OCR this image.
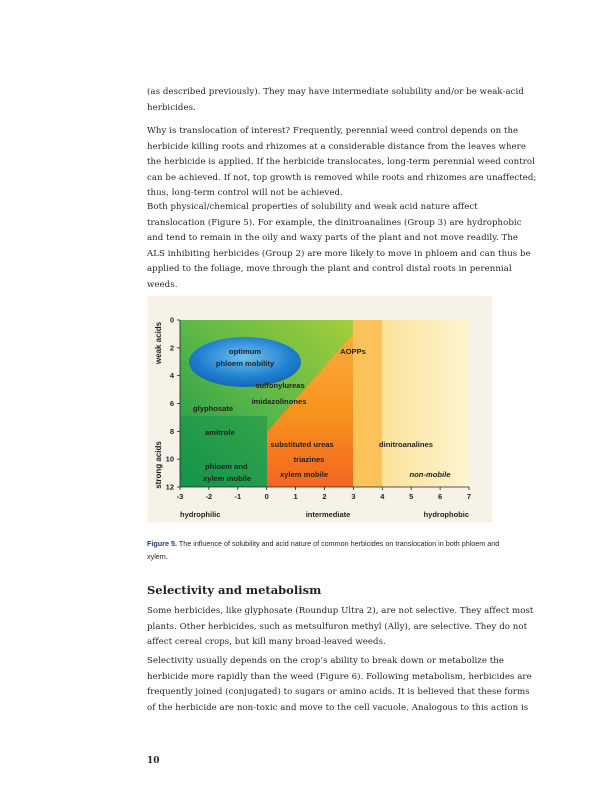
(as described previously). They may have intermediate solubility and/or be weak-acid herbicides.

Why is translocation of interest? Frequently, perennial weed control depends on the herbicide killing roots and rhizomes at a considerable distance from the leaves where the herbicide is applied. If the herbicide translocates, long-term perennial weed control can be achieved. If not, top growth is removed while roots and rhizomes are unaffected; thus, long-term control will not be achieved.

Both physical/chemical properties of solubility and weak acid nature affect translocation (Figure 5). For example, the dinitroanalines (Group 3) are hydrophobic and tend to remain in the oily and waxy parts of the plant and not move readily. The ALS inhibiting herbicides (Group 2) are more likely to move in phloem and can thus be applied to the foliage, move through the plant and control distal roots in perennial weeds.

0
2
4
6
8
10
12
-3	-2	-1	0	1	2	3	4	5	6	7
weak acids
strong acids
hydrophilic	intermediate	hydrophobic
optimum
phloem mobility
AOPPs
sulfonylureas
imidazolinones
glyphosate
amitrole
substituted ureas	dinitroanalines
triazines
phloem and
xylem mobile	xylem mobile	non-mobile

Figure 5. The influence of solubility and acid nature of common herbicides on translocation in both phloem and xylem.

Selectivity and metabolism

Some herbicides, like glyphosate (Roundup Ultra 2), are not selective. They affect most plants. Other herbicides, such as metsulfuron methyl (Ally), are selective. They do not affect cereal crops, but kill many broad-leaved weeds.

Selectivity usually depends on the crop’s ability to break down or metabolize the herbicide more rapidly than the weed (Figure 6). Following metabolism, herbicides are frequently joined (conjugated) to sugars or amino acids. It is believed that these forms of the herbicide are non-toxic and move to the cell vacuole. Analogous to this action is

10
